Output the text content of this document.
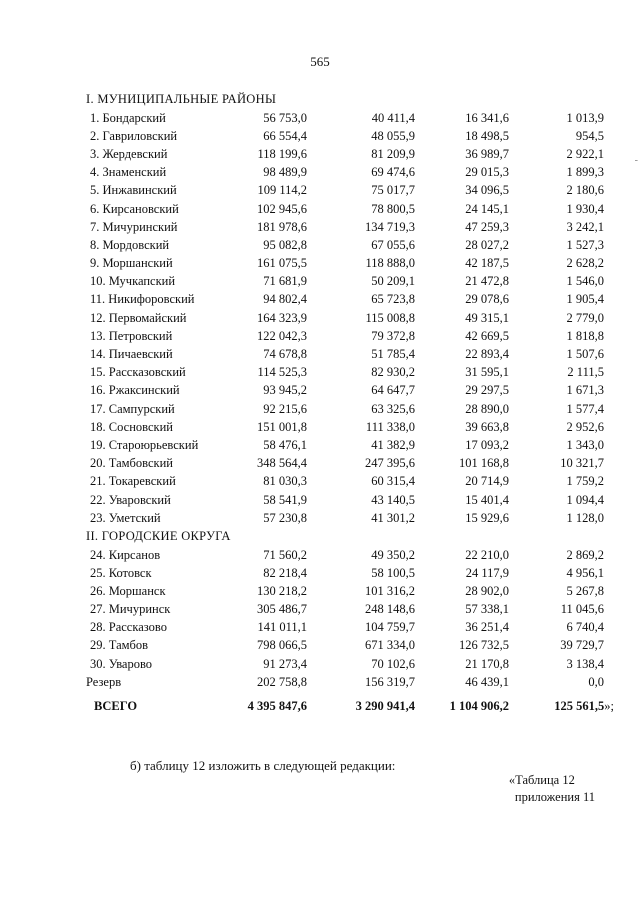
565
I. МУНИЦИПАЛЬНЫЕ РАЙОНЫ
1. Бондарский	56 753,0	40 411,4	16 341,6	1 013,9
2. Гавриловский	66 554,4	48 055,9	18 498,5	954,5
3. Жердевский	118 199,6	81 209,9	36 989,7	2 922,1
4. Знаменский	98 489,9	69 474,6	29 015,3	1 899,3
5. Инжавинский	109 114,2	75 017,7	34 096,5	2 180,6
6. Кирсановский	102 945,6	78 800,5	24 145,1	1 930,4
7. Мичуринский	181 978,6	134 719,3	47 259,3	3 242,1
8. Мордовский	95 082,8	67 055,6	28 027,2	1 527,3
9. Моршанский	161 075,5	118 888,0	42 187,5	2 628,2
10. Мучкапский	71 681,9	50 209,1	21 472,8	1 546,0
11. Никифоровский	94 802,4	65 723,8	29 078,6	1 905,4
12. Первомайский	164 323,9	115 008,8	49 315,1	2 779,0
13. Петровский	122 042,3	79 372,8	42 669,5	1 818,8
14. Пичаевский	74 678,8	51 785,4	22 893,4	1 507,6
15. Рассказовский	114 525,3	82 930,2	31 595,1	2 111,5
16. Ржаксинский	93 945,2	64 647,7	29 297,5	1 671,3
17. Сампурский	92 215,6	63 325,6	28 890,0	1 577,4
18. Сосновский	151 001,8	111 338,0	39 663,8	2 952,6
19. Староюрьевский	58 476,1	41 382,9	17 093,2	1 343,0
20. Тамбовский	348 564,4	247 395,6	101 168,8	10 321,7
21. Токаревский	81 030,3	60 315,4	20 714,9	1 759,2
22. Уваровский	58 541,9	43 140,5	15 401,4	1 094,4
23. Уметский	57 230,8	41 301,2	15 929,6	1 128,0
II. ГОРОДСКИЕ ОКРУГА
24. Кирсанов	71 560,2	49 350,2	22 210,0	2 869,2
25. Котовск	82 218,4	58 100,5	24 117,9	4 956,1
26. Моршанск	130 218,2	101 316,2	28 902,0	5 267,8
27. Мичуринск	305 486,7	248 148,6	57 338,1	11 045,6
28. Рассказово	141 011,1	104 759,7	36 251,4	6 740,4
29. Тамбов	798 066,5	671 334,0	126 732,5	39 729,7
30. Уварово	91 273,4	70 102,6	21 170,8	3 138,4
Резерв	202 758,8	156 319,7	46 439,1	0,0
ВСЕГО	4 395 847,6	3 290 941,4	1 104 906,2	125 561,5»;
б) таблицу 12 изложить в следующей редакции:
«Таблица 12
приложения 11
-
